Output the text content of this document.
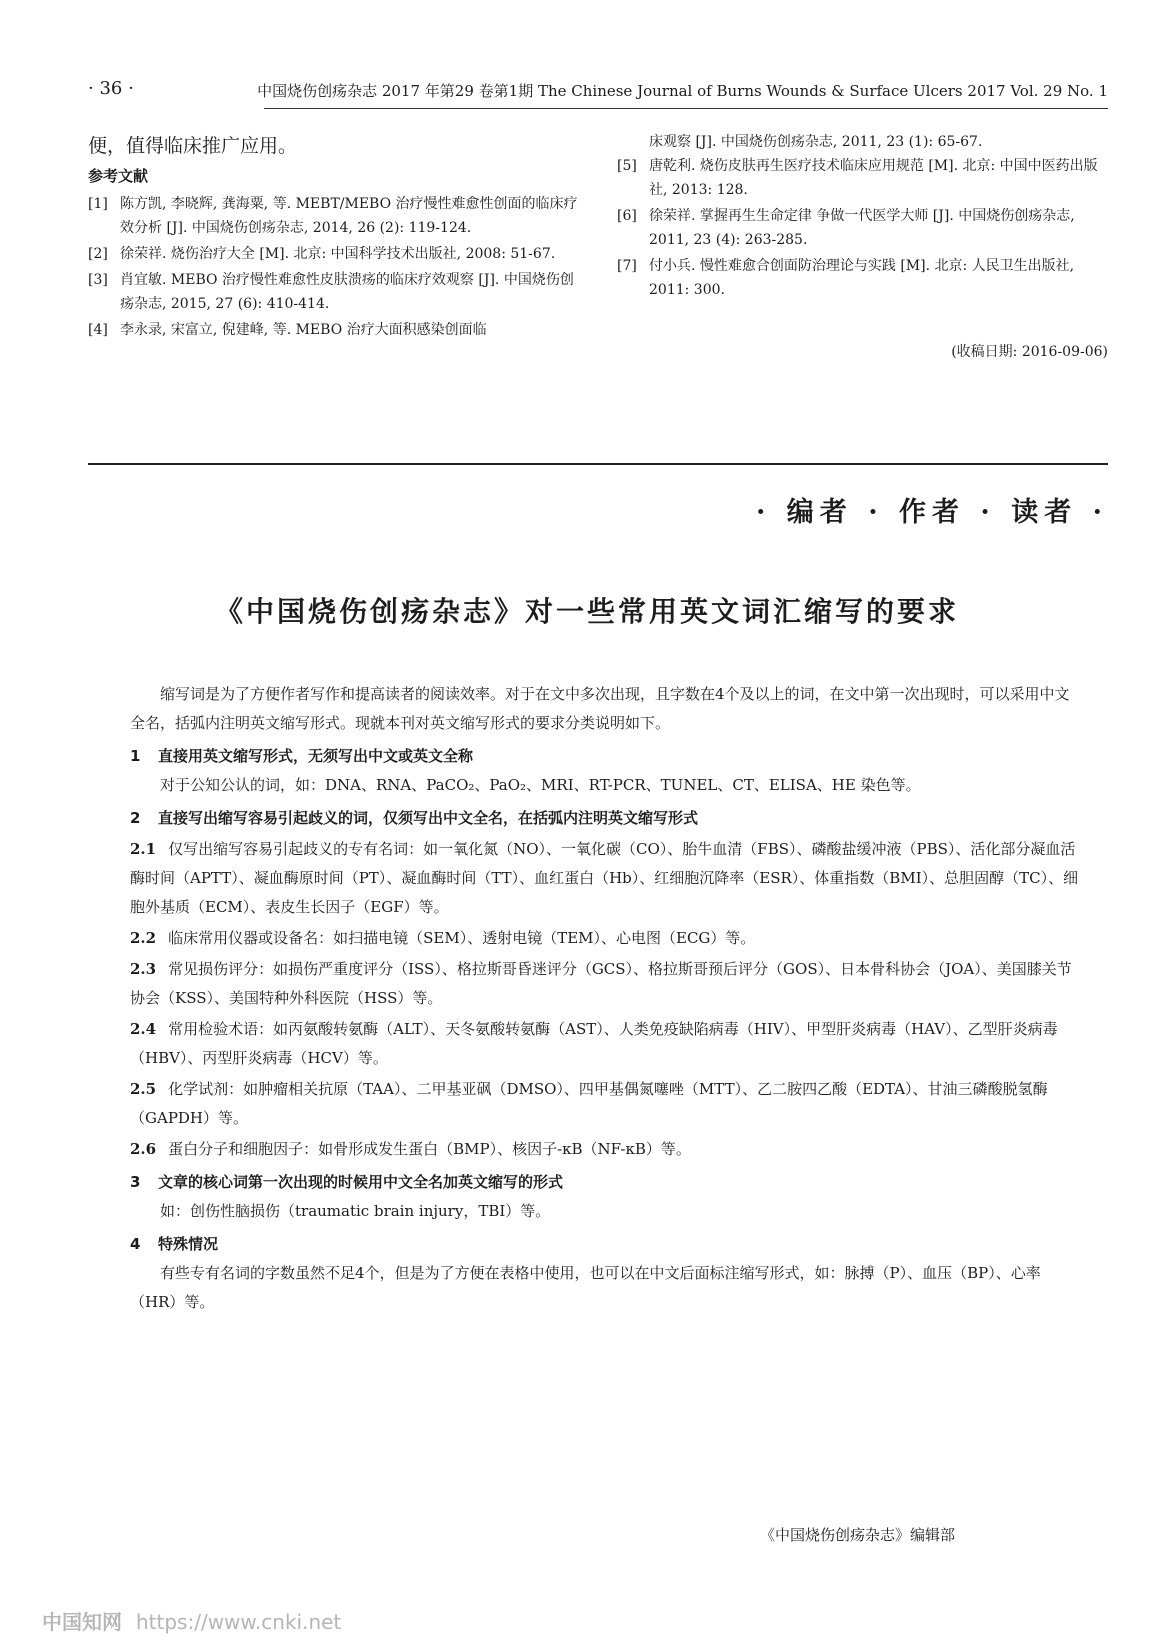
· 36 ·	中国烧伤创疡杂志 2017 年第29 卷第1期 The Chinese Journal of Burns Wounds & Surface Ulcers 2017 Vol. 29 No. 1
便，值得临床推广应用。
参考文献
[1] 陈方凯, 李晓辉, 龚海粟, 等. MEBT/MEBO 治疗慢性难愈性创面的临床疗效分析 [J]. 中国烧伤创疡杂志, 2014, 26 (2): 119-124.
[2] 徐荣祥. 烧伤治疗大全 [M]. 北京: 中国科学技术出版社, 2008: 51-67.
[3] 肖宜敏. MEBO 治疗慢性难愈性皮肤溃疡的临床疗效观察 [J]. 中国烧伤创疡杂志, 2015, 27 (6): 410-414.
[4] 李永录, 宋富立, 倪建峰, 等. MEBO 治疗大面积感染创面临
床观察 [J]. 中国烧伤创疡杂志, 2011, 23 (1): 65-67.
[5] 唐乾利. 烧伤皮肤再生医疗技术临床应用规范 [M]. 北京: 中国中医药出版社, 2013: 128.
[6] 徐荣祥. 掌握再生生命定律 争做一代医学大师 [J]. 中国烧伤创疡杂志, 2011, 23 (4): 263-285.
[7] 付小兵. 慢性难愈合创面防治理论与实践 [M]. 北京: 人民卫生出版社, 2011: 300.
(收稿日期: 2016-09-06)
· 编者 · 作者 · 读者 ·
《中国烧伤创疡杂志》对一些常用英文词汇缩写的要求

缩写词是为了方便作者写作和提高读者的阅读效率。对于在文中多次出现，且字数在4个及以上的词，在文中第一次出现时，可以采用中文全名，括弧内注明英文缩写形式。现就本刊对英文缩写形式的要求分类说明如下。

1 直接用英文缩写形式，无须写出中文或英文全称

对于公知公认的词，如：DNA、RNA、PaCO₂、PaO₂、MRI、RT-PCR、TUNEL、CT、ELISA、HE 染色等。

2 直接写出缩写容易引起歧义的词，仅须写出中文全名，在括弧内注明英文缩写形式

2.1 仅写出缩写容易引起歧义的专有名词：如一氧化氮（NO）、一氧化碳（CO）、胎牛血清（FBS）、磷酸盐缓冲液（PBS）、活化部分凝血活酶时间（APTT）、凝血酶原时间（PT）、凝血酶时间（TT）、血红蛋白（Hb）、红细胞沉降率（ESR）、体重指数（BMI）、总胆固醇（TC）、细胞外基质（ECM）、表皮生长因子（EGF）等。

2.2 临床常用仪器或设备名：如扫描电镜（SEM）、透射电镜（TEM）、心电图（ECG）等。

2.3 常见损伤评分：如损伤严重度评分（ISS）、格拉斯哥昏迷评分（GCS）、格拉斯哥预后评分（GOS）、日本骨科协会（JOA）、美国膝关节协会（KSS）、美国特种外科医院（HSS）等。

2.4 常用检验术语：如丙氨酸转氨酶（ALT）、天冬氨酸转氨酶（AST）、人类免疫缺陷病毒（HIV）、甲型肝炎病毒（HAV）、乙型肝炎病毒（HBV）、丙型肝炎病毒（HCV）等。

2.5 化学试剂：如肿瘤相关抗原（TAA）、二甲基亚砜（DMSO）、四甲基偶氮噻唑（MTT）、乙二胺四乙酸（EDTA）、甘油三磷酸脱氢酶（GAPDH）等。

2.6 蛋白分子和细胞因子：如骨形成发生蛋白（BMP）、核因子-κB（NF-κB）等。

3 文章的核心词第一次出现的时候用中文全名加英文缩写的形式

如：创伤性脑损伤（traumatic brain injury，TBI）等。

4 特殊情况

有些专有名词的字数虽然不足4个，但是为了方便在表格中使用，也可以在中文后面标注缩写形式，如：脉搏（P）、血压（BP）、心率（HR）等。

《中国烧伤创疡杂志》编辑部
中国知网 https://www.cnki.net
